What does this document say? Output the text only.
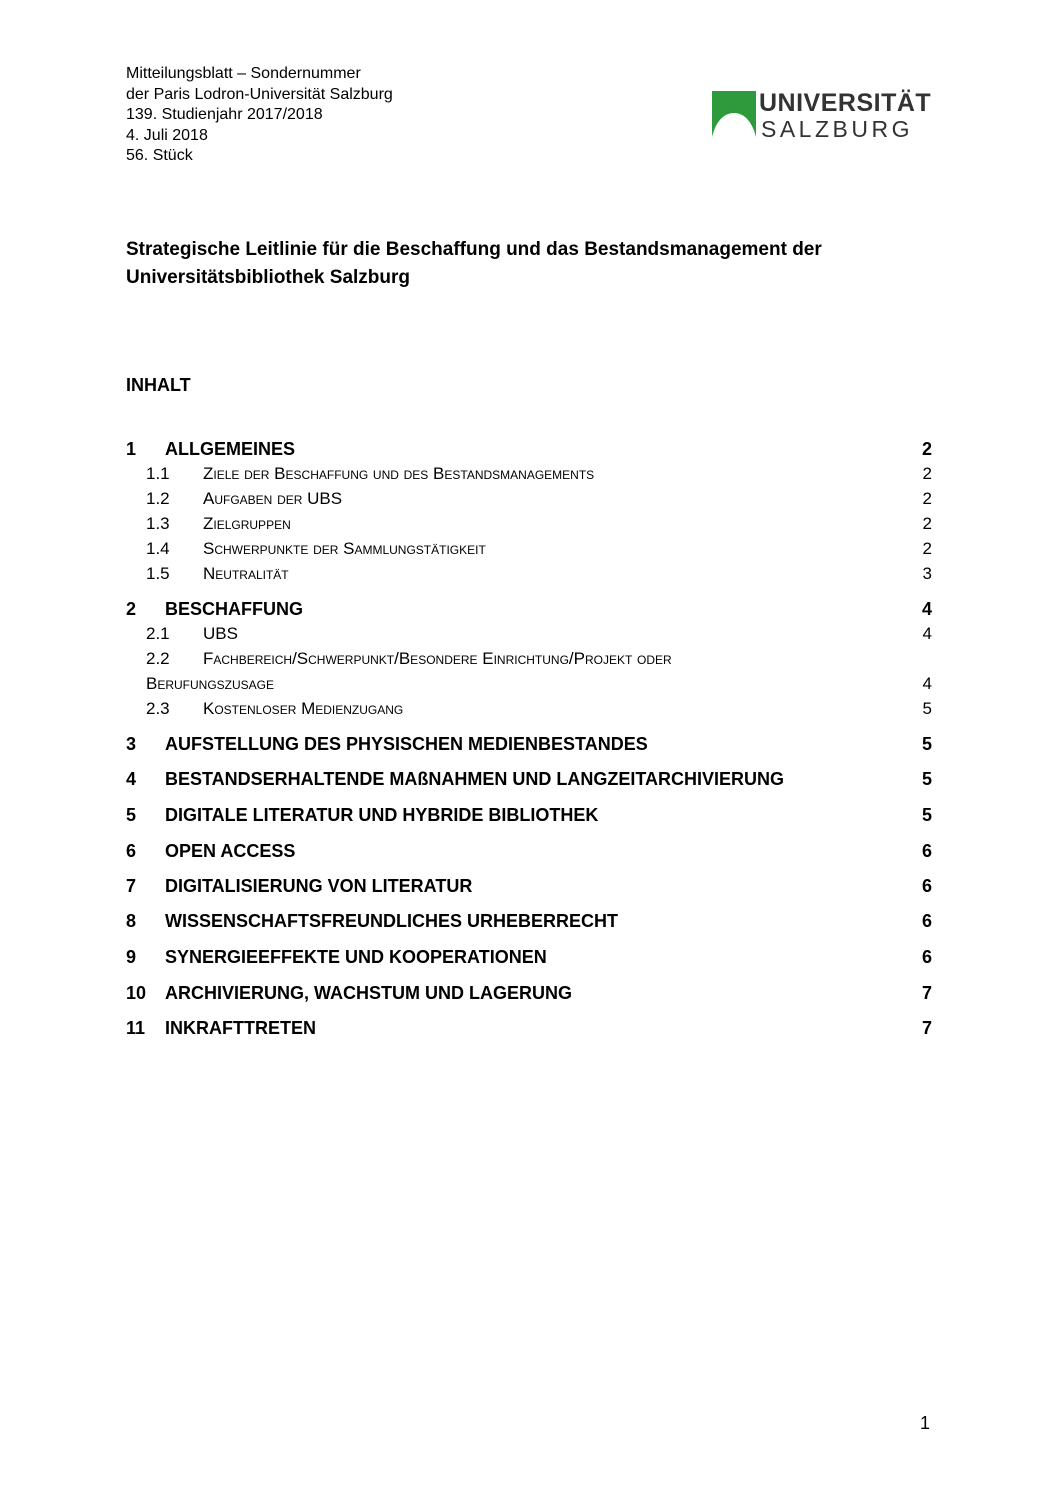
Mitteilungsblatt – Sondernummer
der Paris Lodron-Universität Salzburg
139. Studienjahr 2017/2018
4. Juli 2018
56. Stück
UNIVERSITÄT
SALZBURG
Strategische Leitlinie für die Beschaffung und das Bestandsmanagement der
Universitätsbibliothek Salzburg
INHALT
1 ALLGEMEINES	2
1.1 Ziele der Beschaffung und des Bestandsmanagements	2
1.2 Aufgaben der UBS	2
1.3 Zielgruppen	2
1.4 Schwerpunkte der Sammlungstätigkeit	2
1.5 Neutralität	3
2 BESCHAFFUNG	4
2.1 UBS	4
2.2 Fachbereich/Schwerpunkt/Besondere Einrichtung/Projekt oder
Berufungszusage	4
2.3 Kostenloser Medienzugang	5
3 AUFSTELLUNG DES PHYSISCHEN MEDIENBESTANDES	5
4 BESTANDSERHALTENDE MAßNAHMEN UND LANGZEITARCHIVIERUNG	5
5 DIGITALE LITERATUR UND HYBRIDE BIBLIOTHEK	5
6 OPEN ACCESS	6
7 DIGITALISIERUNG VON LITERATUR	6
8 WISSENSCHAFTSFREUNDLICHES URHEBERRECHT	6
9 SYNERGIEEFFEKTE UND KOOPERATIONEN	6
10 ARCHIVIERUNG, WACHSTUM UND LAGERUNG	7
11 INKRAFTTRETEN	7
1
